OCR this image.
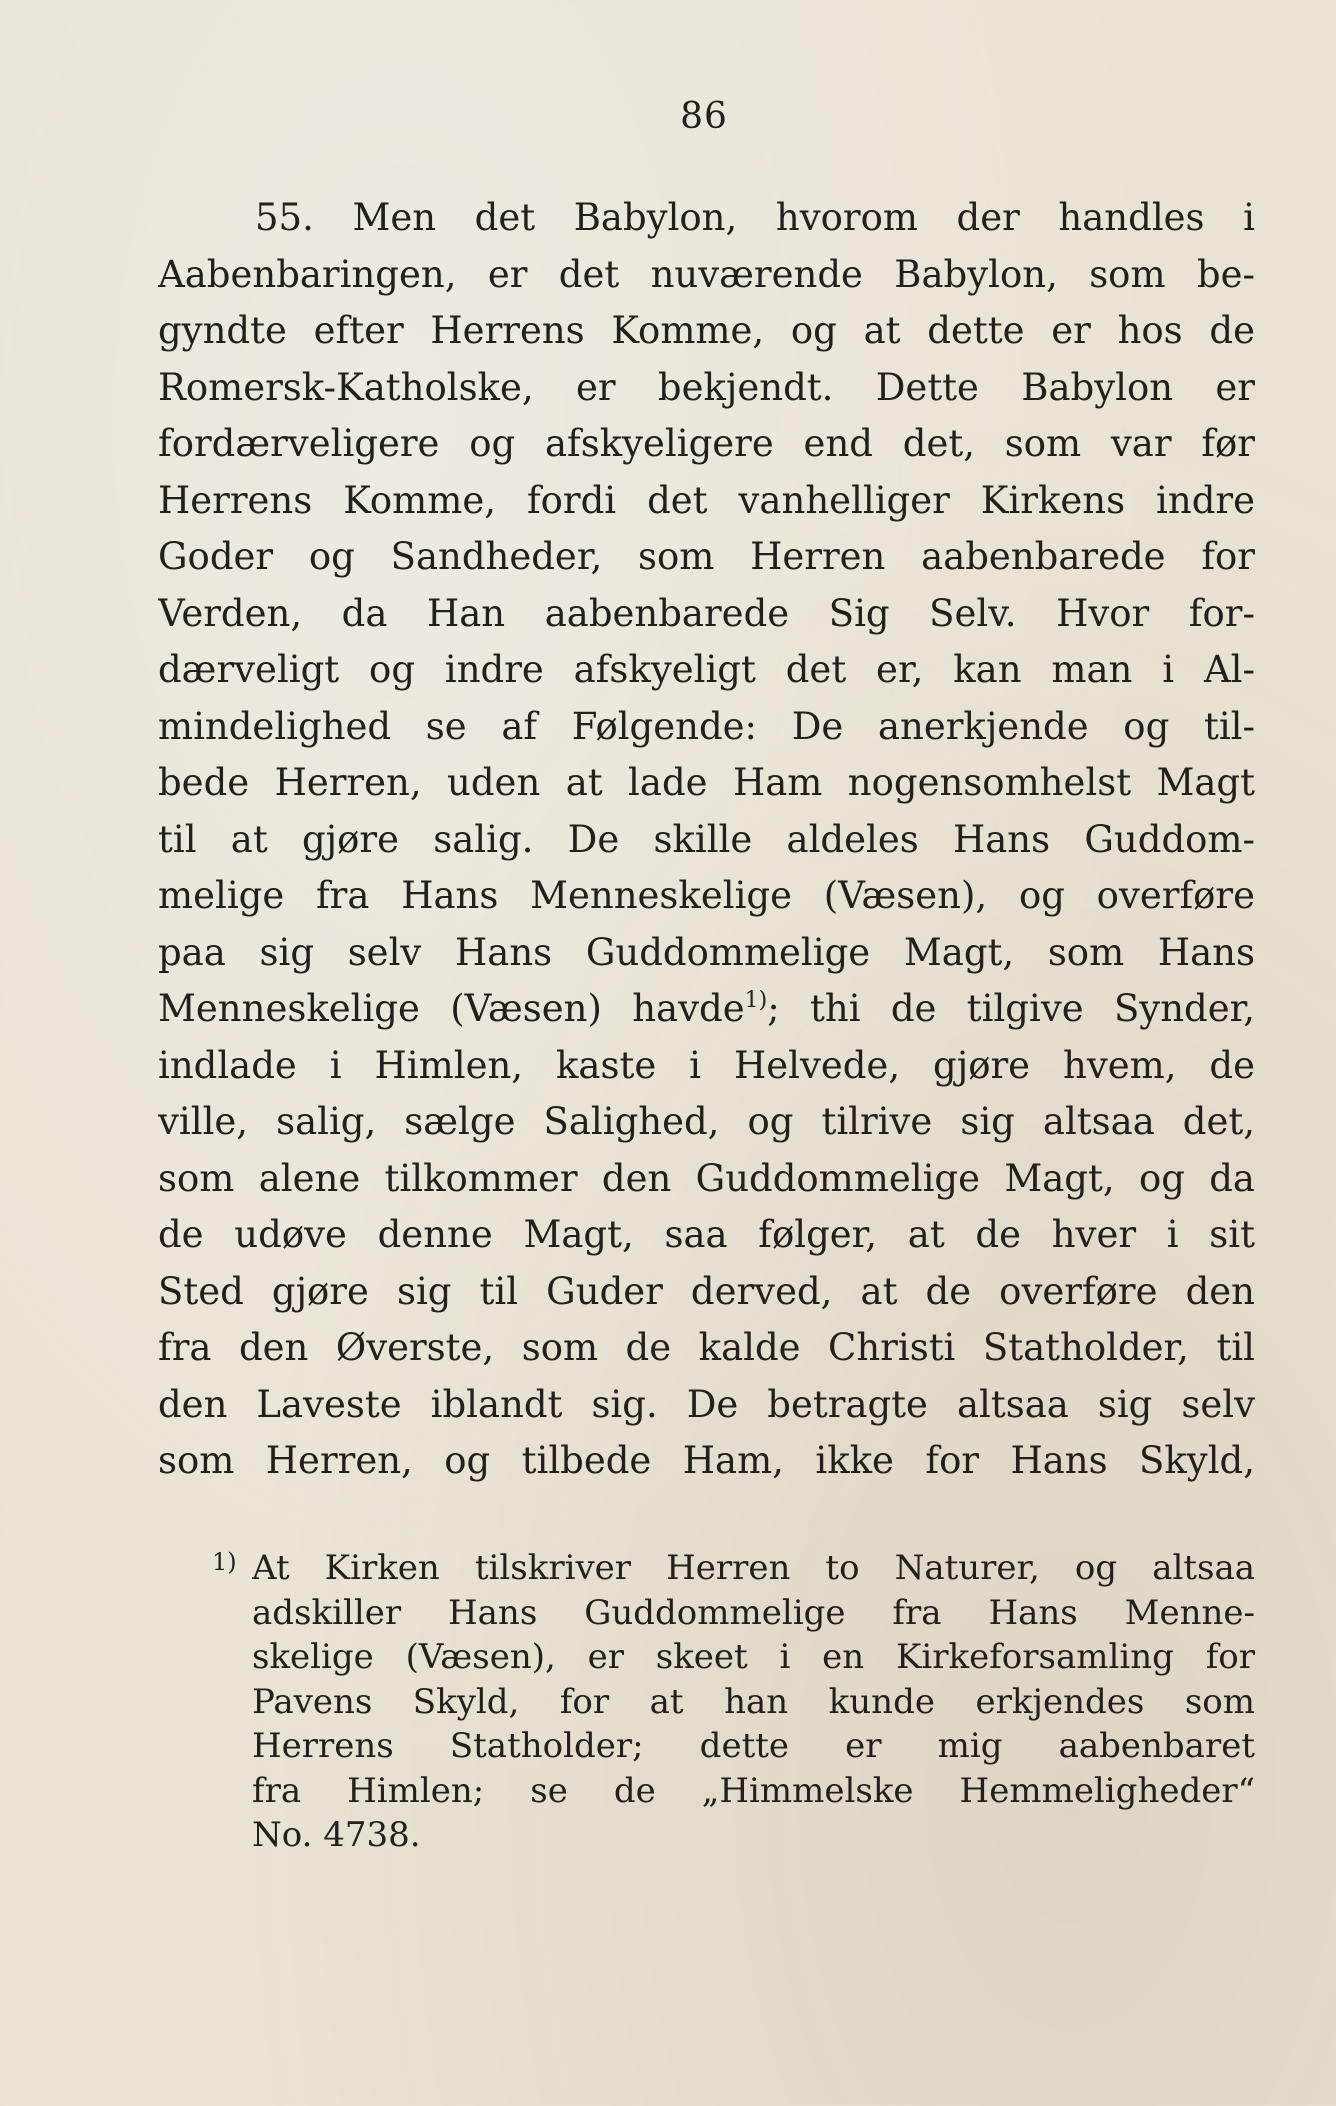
86
55. Men det Babylon, hvorom der handles i
Aabenbaringen, er det nuværende Babylon, som be-
gyndte efter Herrens Komme, og at dette er hos de
Romersk-Katholske, er bekjendt. Dette Babylon er
fordærveligere og afskyeligere end det, som var før
Herrens Komme, fordi det vanhelliger Kirkens indre
Goder og Sandheder, som Herren aabenbarede for
Verden, da Han aabenbarede Sig Selv. Hvor for-
dærveligt og indre afskyeligt det er, kan man i Al-
mindelighed se af Følgende: De anerkjende og til-
bede Herren, uden at lade Ham nogensomhelst Magt
til at gjøre salig. De skille aldeles Hans Guddom-
melige fra Hans Menneskelige (Væsen), og overføre
paa sig selv Hans Guddommelige Magt, som Hans
Menneskelige (Væsen) havde$^{1)}$; thi de tilgive Synder,
indlade i Himlen, kaste i Helvede, gjøre hvem, de
ville, salig, sælge Salighed, og tilrive sig altsaa det,
som alene tilkommer den Guddommelige Magt, og da
de udøve denne Magt, saa følger, at de hver i sit
Sted gjøre sig til Guder derved, at de overføre den
fra den Øverste, som de kalde Christi Statholder, til
den Laveste iblandt sig. De betragte altsaa sig selv
som Herren, og tilbede Ham, ikke for Hans Skyld,
1) At Kirken tilskriver Herren to Naturer, og altsaa
adskiller Hans Guddommelige fra Hans Menne-
skelige (Væsen), er skeet i en Kirkeforsamling for
Pavens Skyld, for at han kunde erkjendes som
Herrens Statholder; dette er mig aabenbaret
fra Himlen; se de „Himmelske Hemmeligheder“
No. 4738.
